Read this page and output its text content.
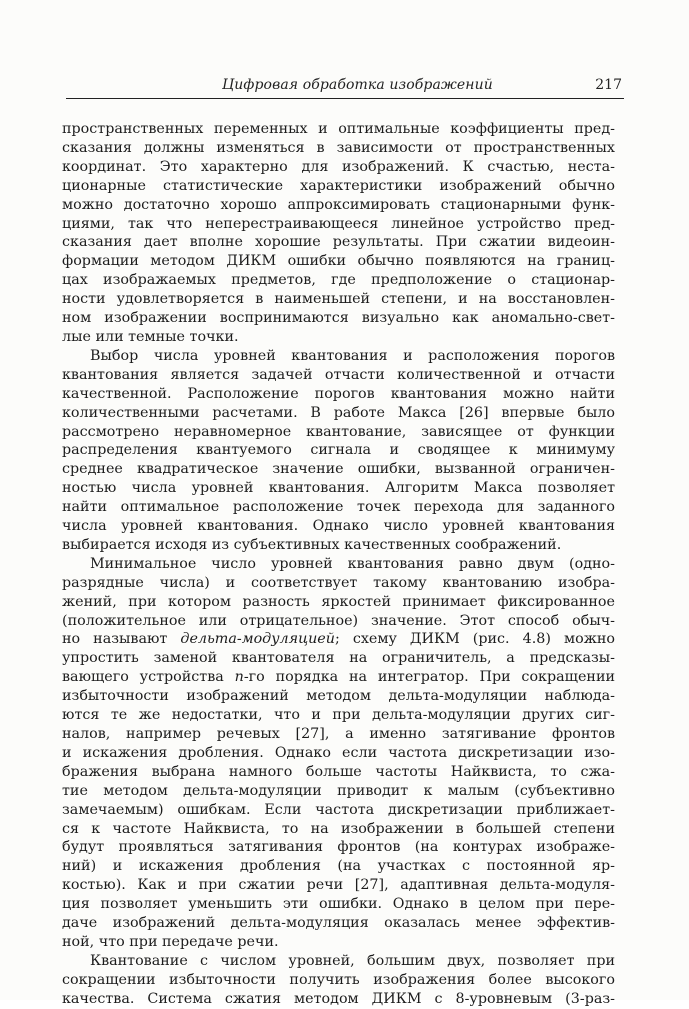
Цифровая обработка изображений	217
пространственных переменных и оптимальные коэффициенты пред-
сказания должны изменяться в зависимости от пространственных
координат. Это характерно для изображений. К счастью, неста-
ционарные статистические характеристики изображений обычно
можно достаточно хорошо аппроксимировать стационарными функ-
циями, так что неперестраивающееся линейное устройство пред-
сказания дает вполне хорошие результаты. При сжатии видеоин-
формации методом ДИКМ ошибки обычно появляются на границ-
цах изображаемых предметов, где предположение о стационар-
ности удовлетворяется в наименьшей степени, и на восстановлен-
ном изображении воспринимаются визуально как аномально-свет-
лые или темные точки.
Выбор числа уровней квантования и расположения порогов
квантования является задачей отчасти количественной и отчасти
качественной. Расположение порогов квантования можно найти
количественными расчетами. В работе Макса [26] впервые было
рассмотрено неравномерное квантование, зависящее от функции
распределения квантуемого сигнала и сводящее к минимуму
среднее квадратическое значение ошибки, вызванной ограничен-
ностью числа уровней квантования. Алгоритм Макса позволяет
найти оптимальное расположение точек перехода для заданного
числа уровней квантования. Однако число уровней квантования
выбирается исходя из субъективных качественных соображений.
Минимальное число уровней квантования равно двум (одно-
разрядные числа) и соответствует такому квантованию изобра-
жений, при котором разность яркостей принимает фиксированное
(положительное или отрицательное) значение. Этот способ обыч-
но называют дельта-модуляцией; схему ДИКМ (рис. 4.8) можно
упростить заменой квантователя на ограничитель, а предсказы-
вающего устройства n-го порядка на интегратор. При сокращении
избыточности изображений методом дельта-модуляции наблюда-
ются те же недостатки, что и при дельта-модуляции других сиг-
налов, например речевых [27], а именно затягивание фронтов
и искажения дробления. Однако если частота дискретизации изо-
бражения выбрана намного больше частоты Найквиста, то сжа-
тие методом дельта-модуляции приводит к малым (субъективно
замечаемым) ошибкам. Если частота дискретизации приближает-
ся к частоте Найквиста, то на изображении в большей степени
будут проявляться затягивания фронтов (на контурах изображе-
ний) и искажения дробления (на участках с постоянной яр-
костью). Как и при сжатии речи [27], адаптивная дельта-модуля-
ция позволяет уменьшить эти ошибки. Однако в целом при пере-
даче изображений дельта-модуляция оказалась менее эффектив-
ной, что при передаче речи.
Квантование с числом уровней, большим двух, позволяет при
сокращении избыточности получить изображения более высокого
качества. Система сжатия методом ДИКМ с 8-уровневым (3-раз-
